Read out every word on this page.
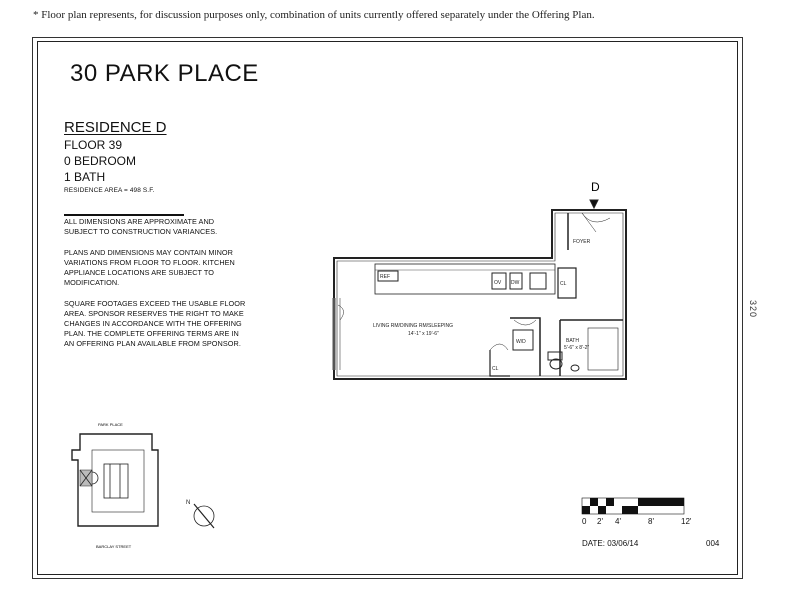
* Floor plan represents, for discussion purposes only, combination of units currently offered separately under the Offering Plan.
320
30 PARK PLACE
RESIDENCE D
FLOOR 39
0 BEDROOM
1 BATH
RESIDENCE AREA = 498 S.F.

ALL DIMENSIONS ARE APPROXIMATE AND SUBJECT TO CONSTRUCTION VARIANCES.

PLANS AND DIMENSIONS MAY CONTAIN MINOR VARIATIONS FROM FLOOR TO FLOOR. KITCHEN APPLIANCE LOCATIONS ARE SUBJECT TO MODIFICATION.

SQUARE FOOTAGES EXCEED THE USABLE FLOOR AREA. SPONSOR RESERVES THE RIGHT TO MAKE CHANGES IN ACCORDANCE WITH THE OFFERING PLAN. THE COMPLETE OFFERING TERMS ARE IN AN OFFERING PLAN AVAILABLE FROM SPONSOR.

D
FOYER
LIVING RM/DINING RM/SLEEPING
14'-1" x 19'-6"
BATH
5'-6" x 8'-2"
W/D
CL
CL
DW
REF
OV
PARK PLACE
BARCLAY STREET
N
0 2' 4'	8'	12'
DATE: 03/06/14	004
